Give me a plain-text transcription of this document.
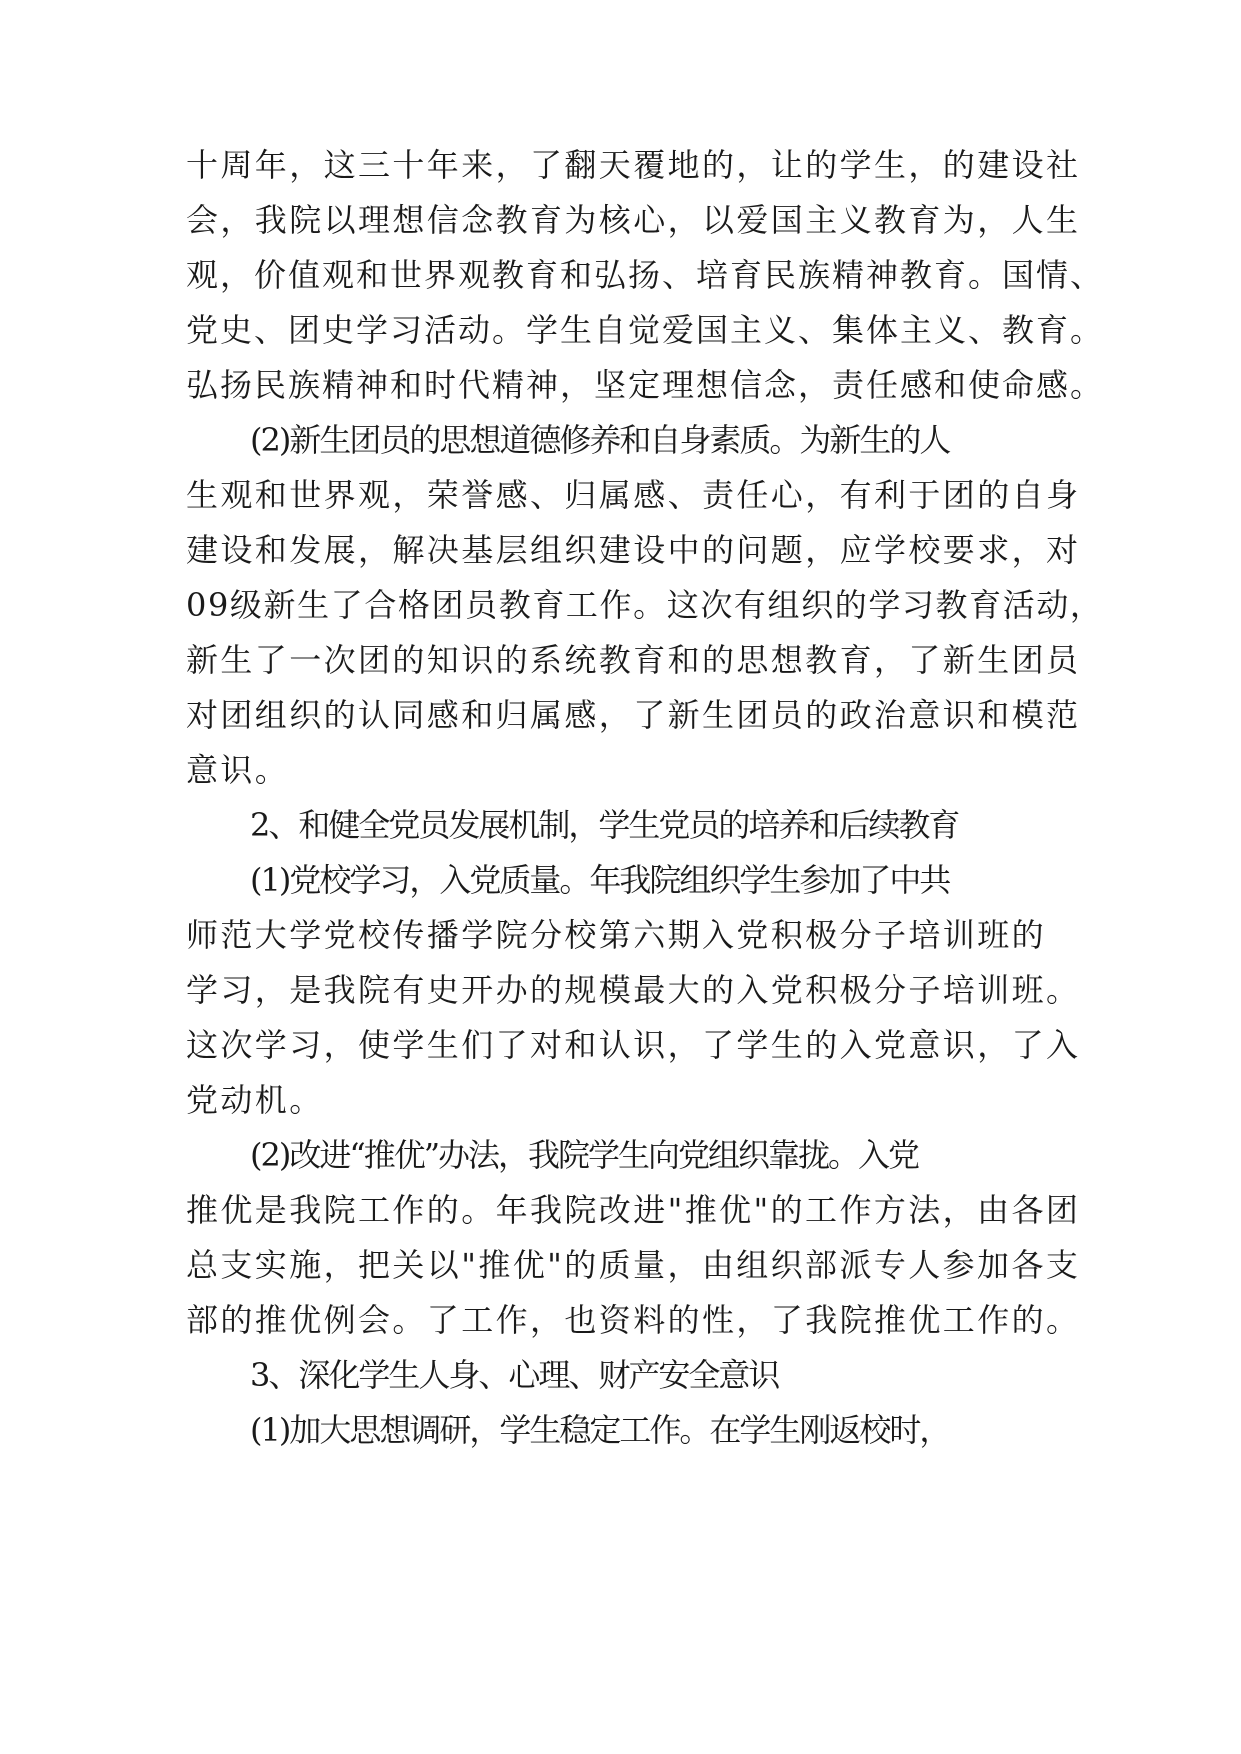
十周年，这三十年来，了翻天覆地的，让的学生，的建设社
会，我院以理想信念教育为核心，以爱国主义教育为，人生
观，价值观和世界观教育和弘扬、培育民族精神教育。国情、
党史、团史学习活动。学生自觉爱国主义、集体主义、教育。
弘扬民族精神和时代精神，坚定理想信念，责任感和使命感。
(2)新生团员的思想道德修养和自身素质。为新生的人
生观和世界观，荣誉感、归属感、责任心，有利于团的自身
建设和发展，解决基层组织建设中的问题，应学校要求，对
09级新生了合格团员教育工作。这次有组织的学习教育活动，
新生了一次团的知识的系统教育和的思想教育，了新生团员
对团组织的认同感和归属感，了新生团员的政治意识和模范
意识。
2、和健全党员发展机制，学生党员的培养和后续教育
(1)党校学习，入党质量。年我院组织学生参加了中共
师范大学党校传播学院分校第六期入党积极分子培训班的
学习，是我院有史开办的规模最大的入党积极分子培训班。
这次学习，使学生们了对和认识，了学生的入党意识，了入
党动机。
(2)改进“推优”办法，我院学生向党组织靠拢。入党
推优是我院工作的。年我院改进"推优"的工作方法，由各团
总支实施，把关以"推优"的质量，由组织部派专人参加各支
部的推优例会。了工作，也资料的性，了我院推优工作的。
3、深化学生人身、心理、财产安全意识
(1)加大思想调研，学生稳定工作。在学生刚返校时，
